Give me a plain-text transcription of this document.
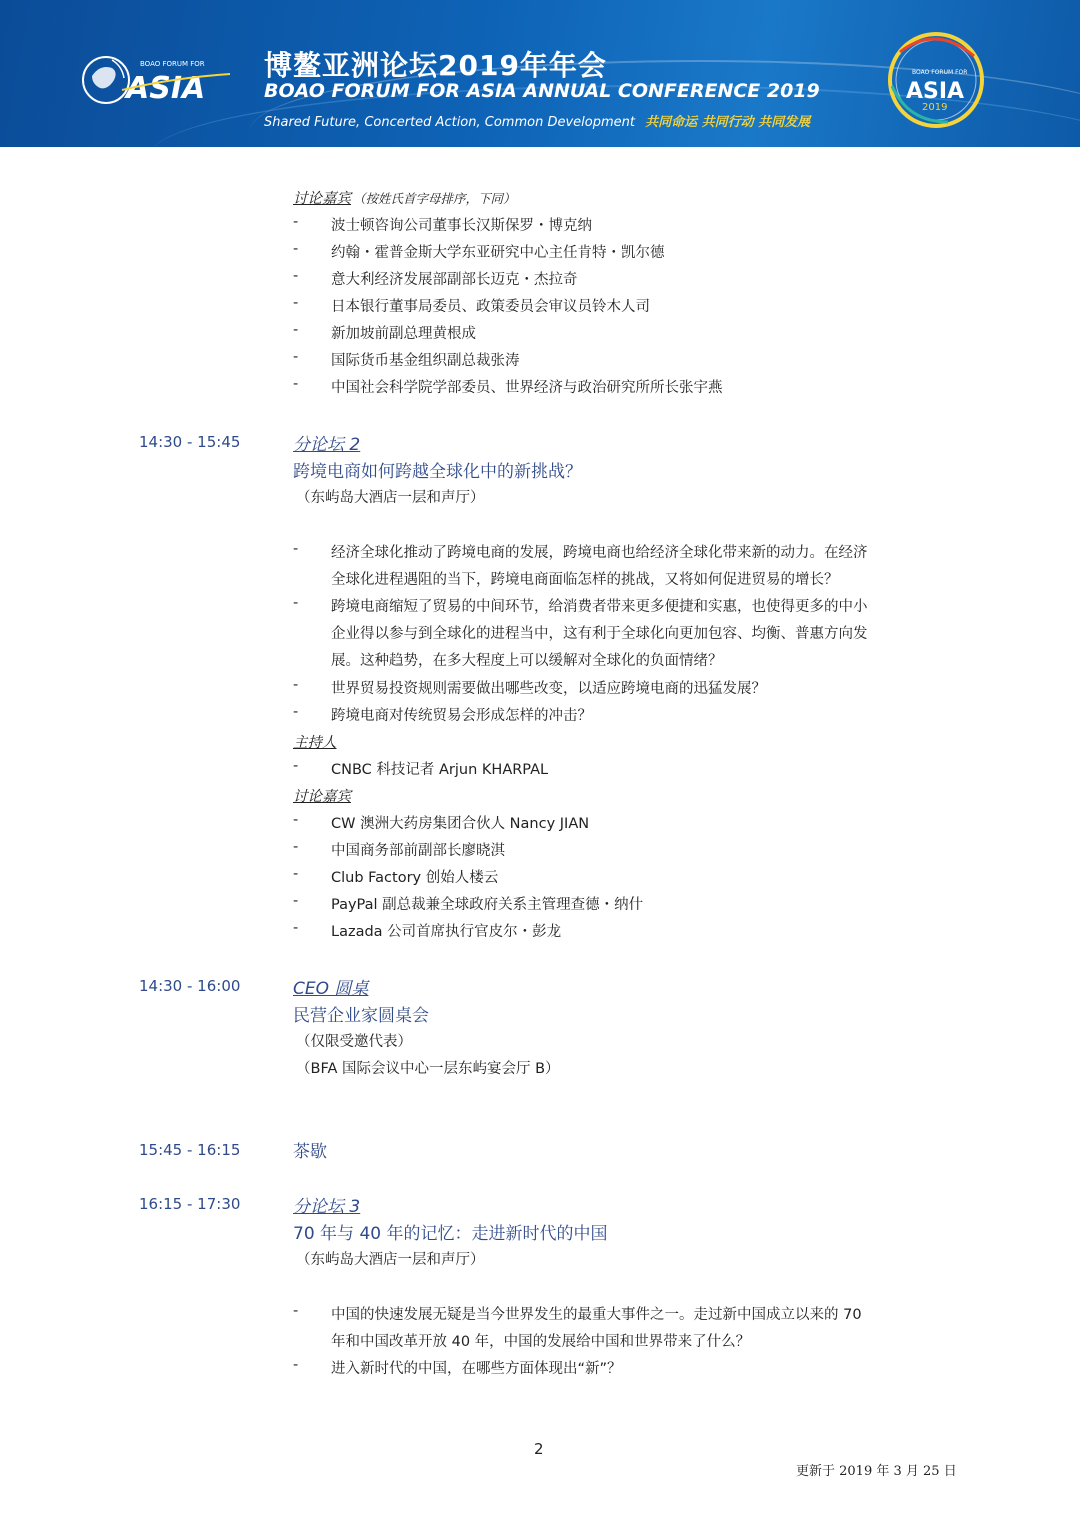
BOAO FORUM FOR
ASIA
博鳌亚洲论坛2019年年会
BOAO FORUM FOR ASIA ANNUAL CONFERENCE 2019
Shared Future, Concerted Action, Common Development 共同命运 共同行动 共同发展
BOAO FORUM FOR
ASIA
2019
讨论嘉宾 （按姓氏首字母排序，下同）
- 波士顿咨询公司董事长汉斯保罗・博克纳
- 约翰・霍普金斯大学东亚研究中心主任肯特・凯尔德
- 意大利经济发展部副部长迈克・杰拉奇
- 日本银行董事局委员、政策委员会审议员铃木人司
- 新加坡前副总理黄根成
- 国际货币基金组织副总裁张涛
- 中国社会科学院学部委员、世界经济与政治研究所所长张宇燕
14:30 - 15:45	分论坛 2
跨境电商如何跨越全球化中的新挑战？
（东屿岛大酒店一层和声厅）
- 经济全球化推动了跨境电商的发展，跨境电商也给经济全球化带来新的动力。在经济
全球化进程遇阻的当下，跨境电商面临怎样的挑战，又将如何促进贸易的增长？
- 跨境电商缩短了贸易的中间环节，给消费者带来更多便捷和实惠，也使得更多的中小
企业得以参与到全球化的进程当中，这有利于全球化向更加包容、均衡、普惠方向发
展。这种趋势，在多大程度上可以缓解对全球化的负面情绪？
- 世界贸易投资规则需要做出哪些改变，以适应跨境电商的迅猛发展？
- 跨境电商对传统贸易会形成怎样的冲击？
主持人
- CNBC 科技记者 Arjun KHARPAL
讨论嘉宾
- CW 澳洲大药房集团合伙人 Nancy JIAN
- 中国商务部前副部长廖晓淇
- Club Factory 创始人楼云
- PayPal 副总裁兼全球政府关系主管理查德・纳什
- Lazada 公司首席执行官皮尔・彭龙
14:30 - 16:00	CEO 圆桌
民营企业家圆桌会
（仅限受邀代表）
（BFA 国际会议中心一层东屿宴会厅 B）
15:45 - 16:15	茶歇
16:15 - 17:30	分论坛 3
70 年与 40 年的记忆：走进新时代的中国
（东屿岛大酒店一层和声厅）
- 中国的快速发展无疑是当今世界发生的最重大事件之一。走过新中国成立以来的 70
年和中国改革开放 40 年，中国的发展给中国和世界带来了什么？
- 进入新时代的中国，在哪些方面体现出“新”？
2
更新于 2019 年 3 月 25 日
